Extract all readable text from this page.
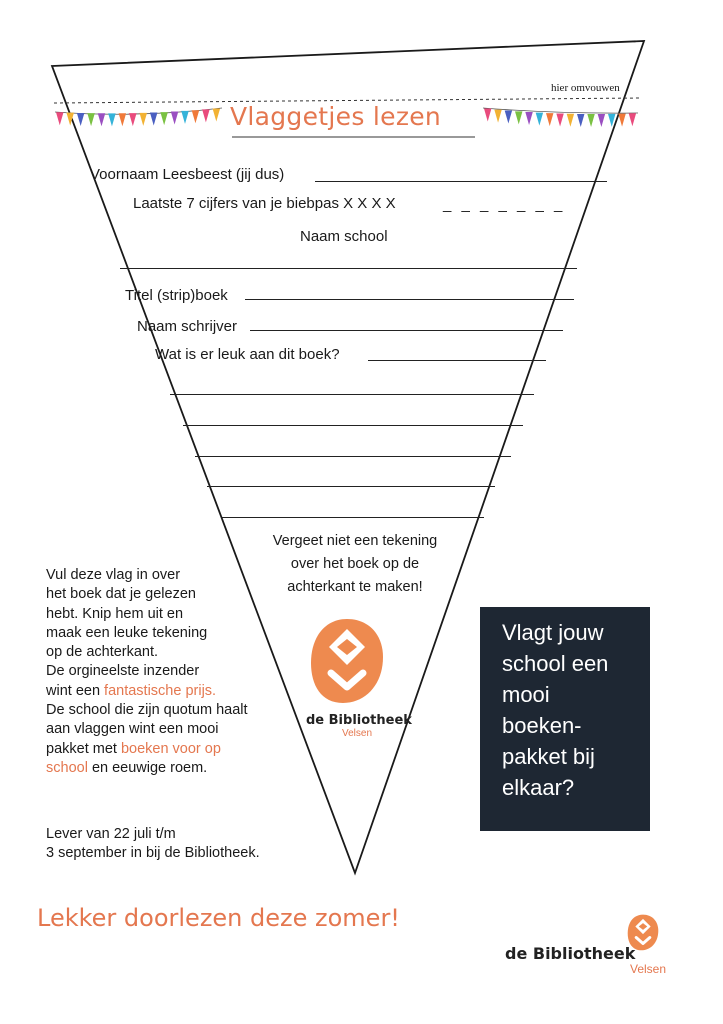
hier omvouwen
Vlaggetjes lezen
Voornaam Leesbeest (jij dus)
Laatste 7 cijfers van je biebpas X X X X	_ _ _ _ _ _ _
Naam school
Titel (strip)boek
Naam schrijver
Wat is er leuk aan dit boek?
Vergeet niet een tekening
over het boek op de
achterkant te maken!
de Bibliotheek
Velsen
Vul deze vlag in over
het boek dat je gelezen
hebt. Knip hem uit en
maak een leuke tekening
op de achterkant.
De orgineelste inzender
wint een fantastische prijs.
De school die zijn quotum haalt
aan vlaggen wint een mooi
pakket met boeken voor op
school en eeuwige roem.
Lever van 22 juli t/m
3 september in bij de Bibliotheek.
Vlagt jouw
school een
mooi
boeken-
pakket bij
elkaar?
Lekker doorlezen deze zomer!
de Bibliotheek
Velsen
